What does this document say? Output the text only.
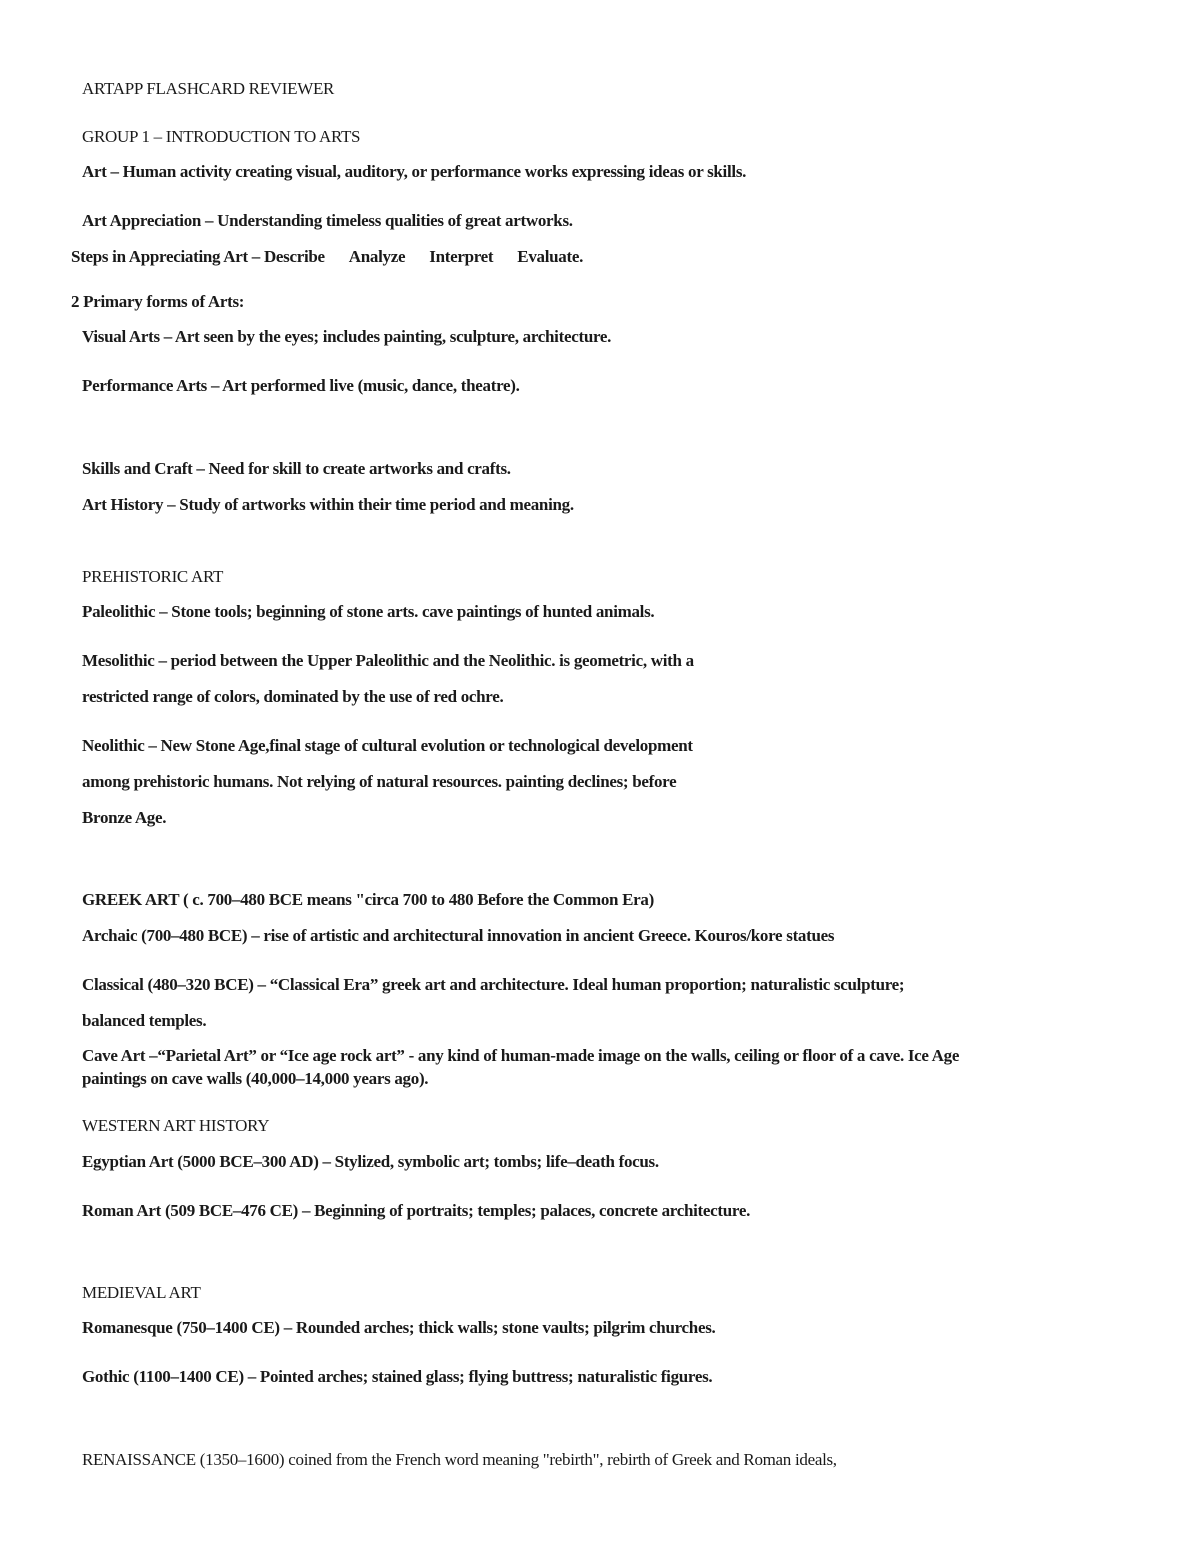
ARTAPP FLASHCARD REVIEWER
GROUP 1 – INTRODUCTION TO ARTS
Art – Human activity creating visual, auditory, or performance works expressing ideas or skills.
Art Appreciation – Understanding timeless qualities of great artworks.
Steps in Appreciating Art – Describe Analyze Interpret Evaluate.
2 Primary forms of Arts:
Visual Arts – Art seen by the eyes; includes painting, sculpture, architecture.
Performance Arts – Art performed live (music, dance, theatre).
Skills and Craft – Need for skill to create artworks and crafts.
Art History – Study of artworks within their time period and meaning.
PREHISTORIC ART
Paleolithic – Stone tools; beginning of stone arts. cave paintings of hunted animals.
Mesolithic – period between the Upper Paleolithic and the Neolithic. is geometric, with a
restricted range of colors, dominated by the use of red ochre.
Neolithic – New Stone Age,final stage of cultural evolution or technological development
among prehistoric humans. Not relying of natural resources. painting declines; before
Bronze Age.
GREEK ART ( c. 700–480 BCE means "circa 700 to 480 Before the Common Era)
Archaic (700–480 BCE) – rise of artistic and architectural innovation in ancient Greece. Kouros/kore statues
Classical (480–320 BCE) – “Classical Era” greek art and architecture. Ideal human proportion; naturalistic sculpture;
balanced temples.
Cave Art –“Parietal Art” or “Ice age rock art” - any kind of human-made image on the walls, ceiling or floor of a cave. Ice Age
paintings on cave walls (40,000–14,000 years ago).
WESTERN ART HISTORY
Egyptian Art (5000 BCE–300 AD) – Stylized, symbolic art; tombs; life–death focus.
Roman Art (509 BCE–476 CE) – Beginning of portraits; temples; palaces, concrete architecture.
MEDIEVAL ART
Romanesque (750–1400 CE) – Rounded arches; thick walls; stone vaults; pilgrim churches.
Gothic (1100–1400 CE) – Pointed arches; stained glass; flying buttress; naturalistic figures.
RENAISSANCE (1350–1600) coined from the French word meaning "rebirth", rebirth of Greek and Roman ideals,
